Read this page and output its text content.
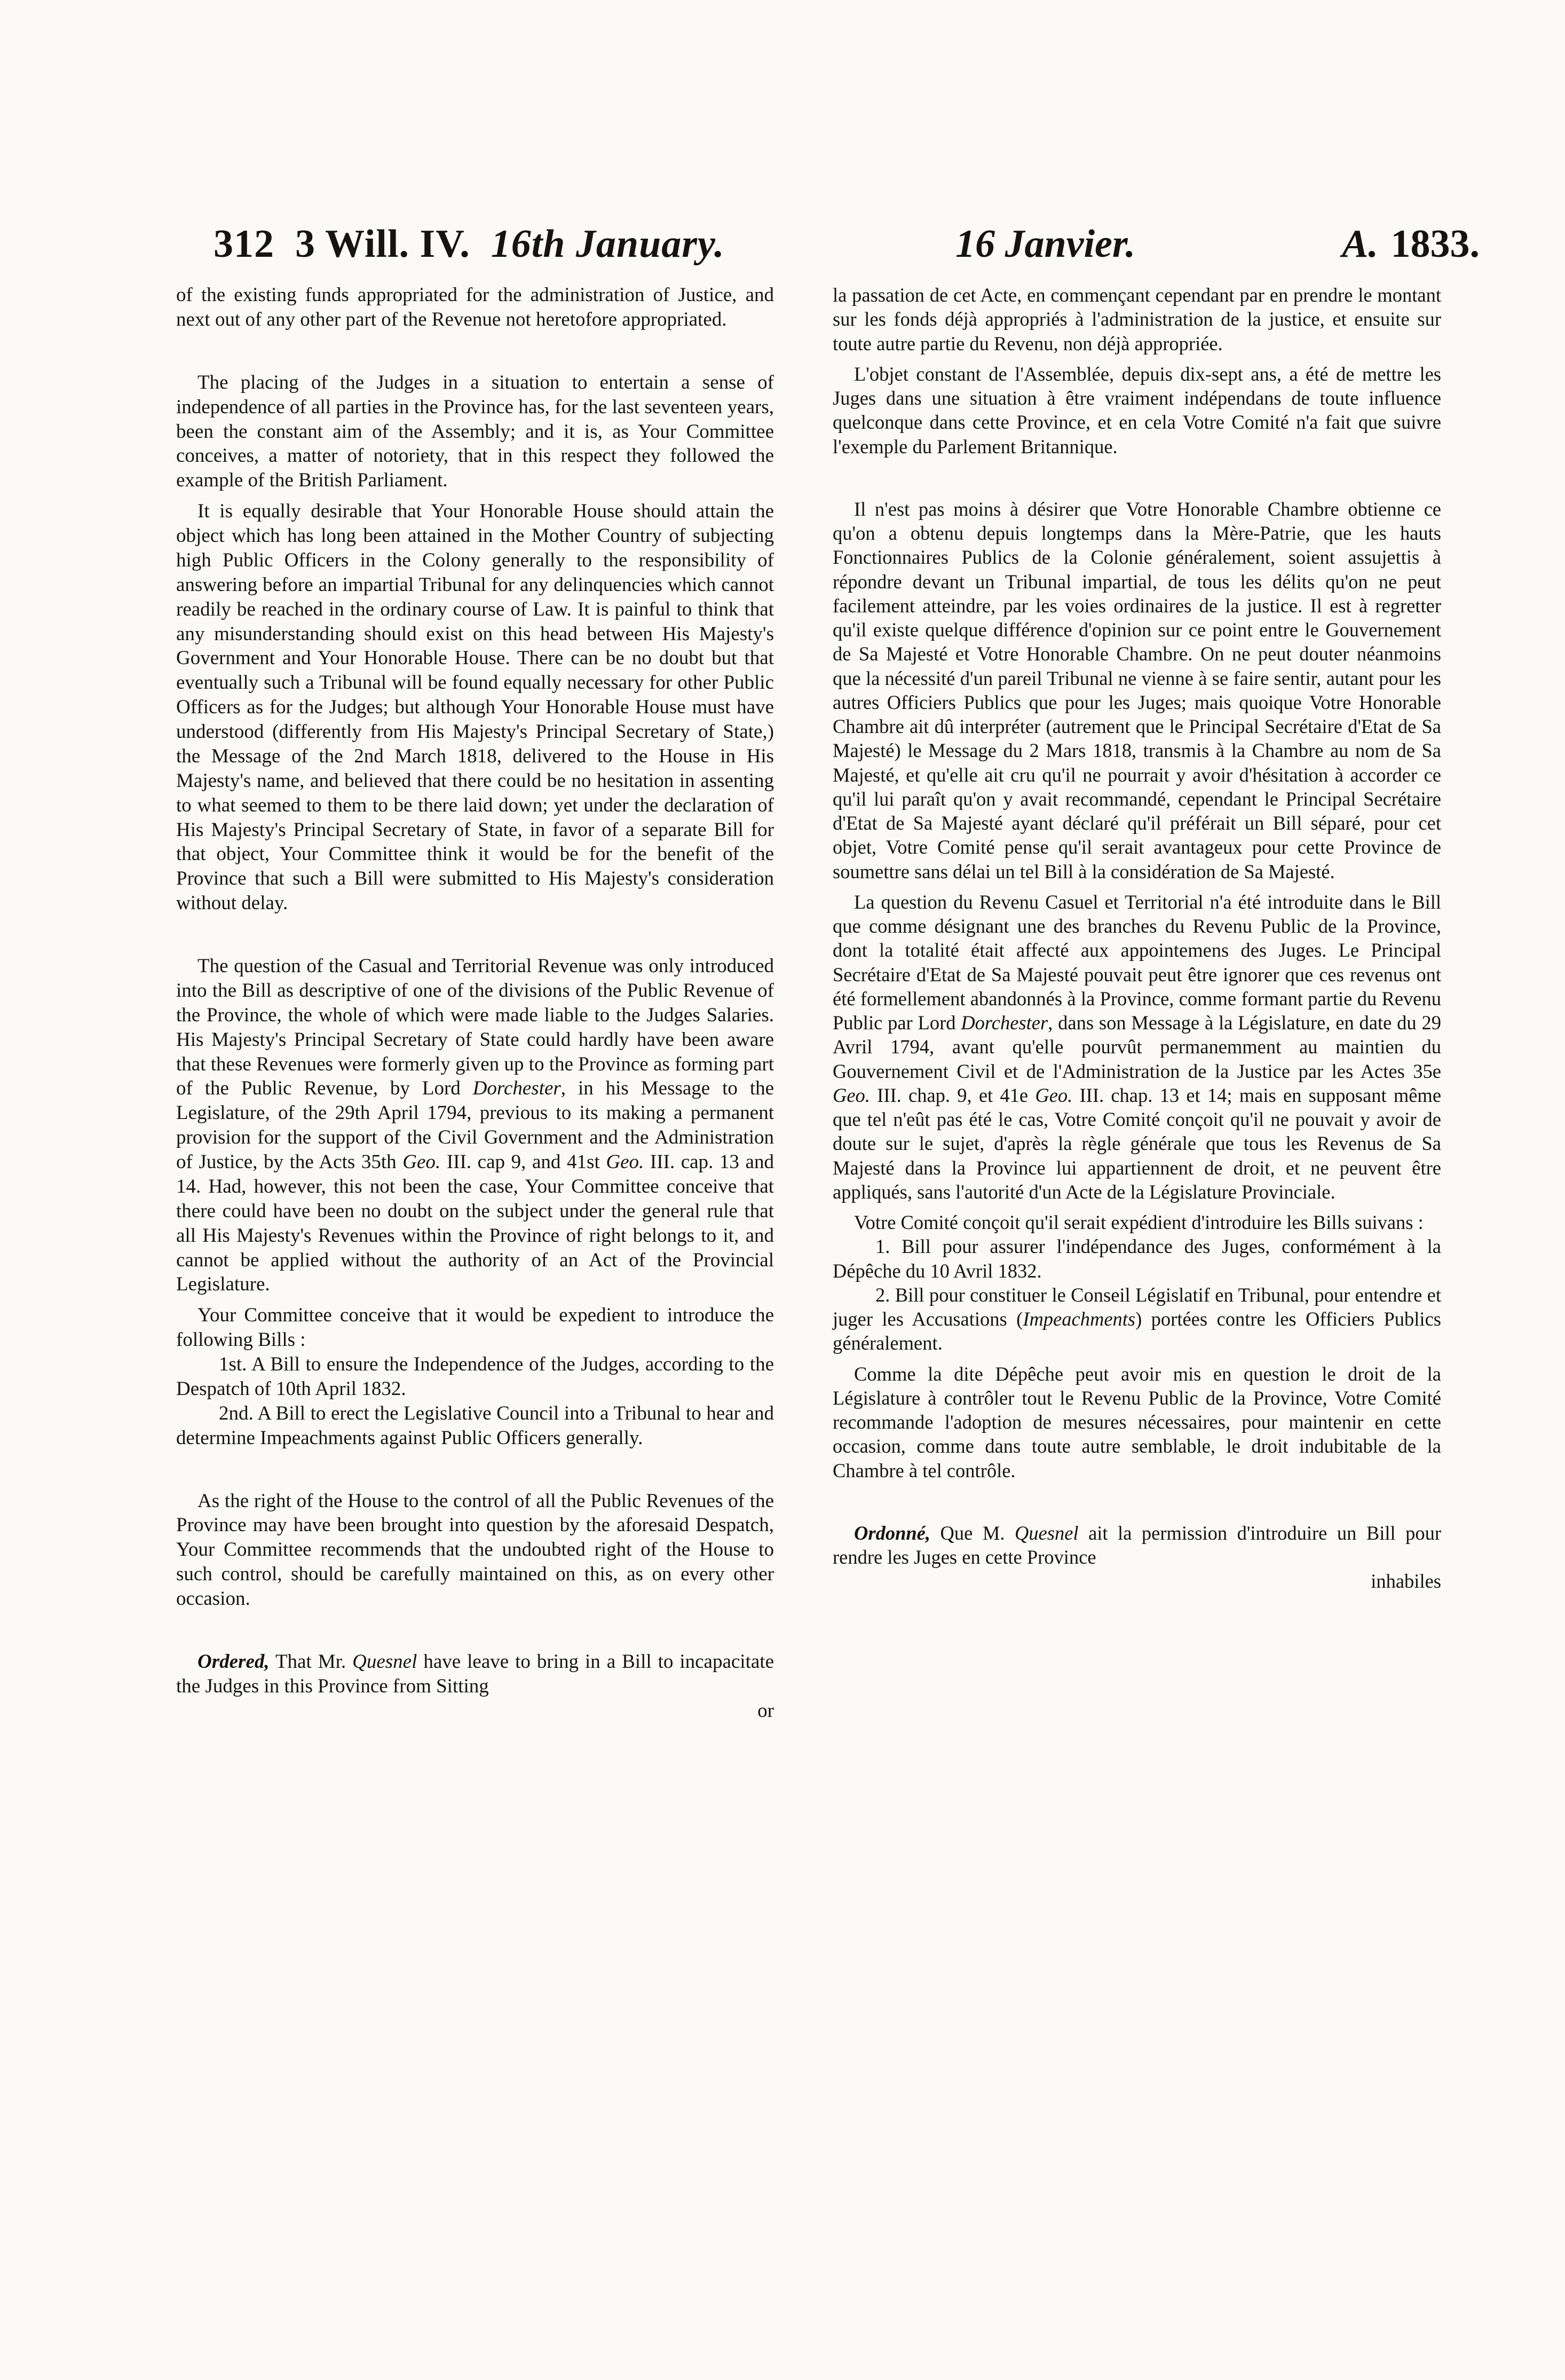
312 3 Will. IV. 16th January.	16 Janvier.	A. 1833.

of the existing funds appropriated for the administration of Justice, and next out of any other part of the Revenue not heretofore appropriated.

The placing of the Judges in a situation to entertain a sense of independence of all parties in the Province has, for the last seventeen years, been the constant aim of the Assembly; and it is, as Your Committee conceives, a matter of notoriety, that in this respect they followed the example of the British Parliament.

It is equally desirable that Your Honorable House should attain the object which has long been attained in the Mother Country of subjecting high Public Officers in the Colony generally to the responsibility of answering before an impartial Tribunal for any delinquencies which cannot readily be reached in the ordinary course of Law. It is painful to think that any misunderstanding should exist on this head between His Majesty's Government and Your Honorable House. There can be no doubt but that eventually such a Tribunal will be found equally necessary for other Public Officers as for the Judges; but although Your Honorable House must have understood (differently from His Majesty's Principal Secretary of State,) the Message of the 2nd March 1818, delivered to the House in His Majesty's name, and believed that there could be no hesitation in assenting to what seemed to them to be there laid down; yet under the declaration of His Majesty's Principal Secretary of State, in favor of a separate Bill for that object, Your Committee think it would be for the benefit of the Province that such a Bill were submitted to His Majesty's consideration without delay.

The question of the Casual and Territorial Revenue was only introduced into the Bill as descriptive of one of the divisions of the Public Revenue of the Province, the whole of which were made liable to the Judges Salaries. His Majesty's Principal Secretary of State could hardly have been aware that these Revenues were formerly given up to the Province as forming part of the Public Revenue, by Lord Dorchester, in his Message to the Legislature, of the 29th April 1794, previous to its making a permanent provision for the support of the Civil Government and the Administration of Justice, by the Acts 35th Geo. III. cap 9, and 41st Geo. III. cap. 13 and 14. Had, however, this not been the case, Your Committee conceive that there could have been no doubt on the subject under the general rule that all His Majesty's Revenues within the Province of right belongs to it, and cannot be applied without the authority of an Act of the Provincial Legislature.

Your Committee conceive that it would be expedient to introduce the following Bills :

1st. A Bill to ensure the Independence of the Judges, according to the Despatch of 10th April 1832.

2nd. A Bill to erect the Legislative Council into a Tribunal to hear and determine Impeachments against Public Officers generally.

As the right of the House to the control of all the Public Revenues of the Province may have been brought into question by the aforesaid Despatch, Your Committee recommends that the undoubted right of the House to such control, should be carefully maintained on this, as on every other occasion.

Ordered, That Mr. Quesnel have leave to bring in a Bill to incapacitate the Judges in this Province from Sitting

or

la passation de cet Acte, en commençant cependant par en prendre le montant sur les fonds déjà appropriés à l'administration de la justice, et ensuite sur toute autre partie du Revenu, non déjà appropriée.

L'objet constant de l'Assemblée, depuis dix-sept ans, a été de mettre les Juges dans une situation à être vraiment indépendans de toute influence quelconque dans cette Province, et en cela Votre Comité n'a fait que suivre l'exemple du Parlement Britannique.

Il n'est pas moins à désirer que Votre Honorable Chambre obtienne ce qu'on a obtenu depuis longtemps dans la Mère-Patrie, que les hauts Fonctionnaires Publics de la Colonie généralement, soient assujettis à répondre devant un Tribunal impartial, de tous les délits qu'on ne peut facilement atteindre, par les voies ordinaires de la justice. Il est à regretter qu'il existe quelque différence d'opinion sur ce point entre le Gouvernement de Sa Majesté et Votre Honorable Chambre. On ne peut douter néanmoins que la nécessité d'un pareil Tribunal ne vienne à se faire sentir, autant pour les autres Officiers Publics que pour les Juges; mais quoique Votre Honorable Chambre ait dû interpréter (autrement que le Principal Secrétaire d'Etat de Sa Majesté) le Message du 2 Mars 1818, transmis à la Chambre au nom de Sa Majesté, et qu'elle ait cru qu'il ne pourrait y avoir d'hésitation à accorder ce qu'il lui paraît qu'on y avait recommandé, cependant le Principal Secrétaire d'Etat de Sa Majesté ayant déclaré qu'il préférait un Bill séparé, pour cet objet, Votre Comité pense qu'il serait avantageux pour cette Province de soumettre sans délai un tel Bill à la considération de Sa Majesté.

La question du Revenu Casuel et Territorial n'a été introduite dans le Bill que comme désignant une des branches du Revenu Public de la Province, dont la totalité était affecté aux appointemens des Juges. Le Principal Secrétaire d'Etat de Sa Majesté pouvait peut être ignorer que ces revenus ont été formellement abandonnés à la Province, comme formant partie du Revenu Public par Lord Dorchester, dans son Message à la Législature, en date du 29 Avril 1794, avant qu'elle pourvût permanemment au maintien du Gouvernement Civil et de l'Administration de la Justice par les Actes 35e Geo. III. chap. 9, et 41e Geo. III. chap. 13 et 14; mais en supposant même que tel n'eût pas été le cas, Votre Comité conçoit qu'il ne pouvait y avoir de doute sur le sujet, d'après la règle générale que tous les Revenus de Sa Majesté dans la Province lui appartiennent de droit, et ne peuvent être appliqués, sans l'autorité d'un Acte de la Législature Provinciale.

Votre Comité conçoit qu'il serait expédient d'introduire les Bills suivans :

1. Bill pour assurer l'indépendance des Juges, conformément à la Dépêche du 10 Avril 1832.

2. Bill pour constituer le Conseil Législatif en Tribunal, pour entendre et juger les Accusations (Impeachments) portées contre les Officiers Publics généralement.

Comme la dite Dépêche peut avoir mis en question le droit de la Législature à contrôler tout le Revenu Public de la Province, Votre Comité recommande l'adoption de mesures nécessaires, pour maintenir en cette occasion, comme dans toute autre semblable, le droit indubitable de la Chambre à tel contrôle.

Ordonné, Que M. Quesnel ait la permission d'introduire un Bill pour rendre les Juges en cette Province

inhabiles
